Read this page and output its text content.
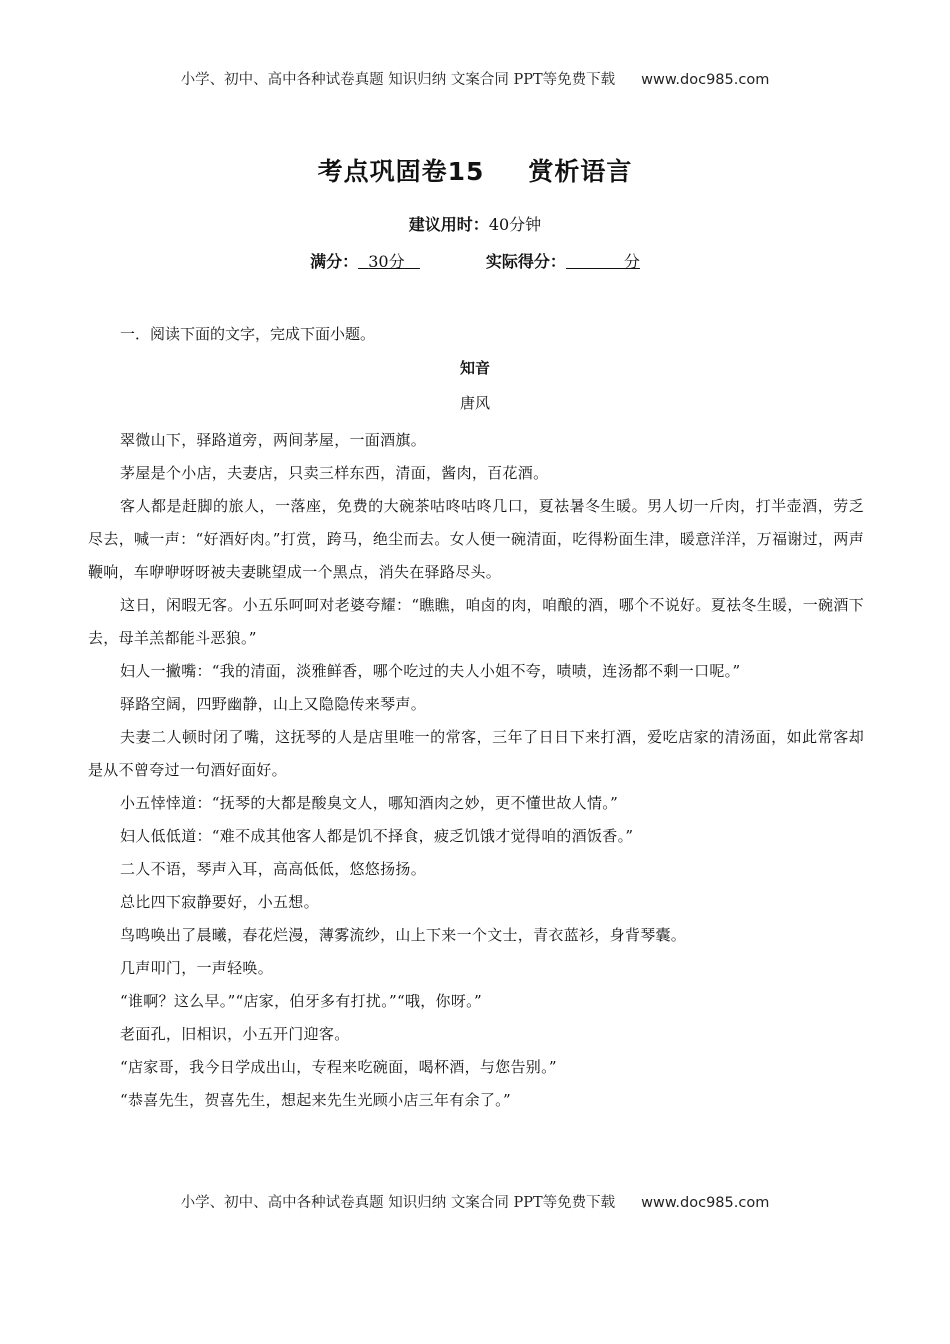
小学、初中、高中各种试卷真题 知识归纳 文案合同 PPT等免费下载 www.doc985.com
考点巩固卷15 赏析语言
建议用时：40分钟
满分： 30分	实际得分：	分
一．阅读下面的文字，完成下面小题。
知音
唐风

翠微山下，驿路道旁，两间茅屋，一面酒旗。

茅屋是个小店，夫妻店，只卖三样东西，清面，酱肉，百花酒。

客人都是赶脚的旅人，一落座，免费的大碗茶咕咚咕咚几口，夏祛暑冬生暖。男人切一斤肉，打半壶酒，劳乏尽去，喊一声：“好酒好肉。”打赏，跨马，绝尘而去。女人便一碗清面，吃得粉面生津，暖意洋洋，万福谢过，两声鞭响，车咿咿呀呀被夫妻眺望成一个黑点，消失在驿路尽头。

这日，闲暇无客。小五乐呵呵对老婆夸耀：“瞧瞧，咱卤的肉，咱酿的酒，哪个不说好。夏祛冬生暖，一碗酒下去，母羊羔都能斗恶狼。”

妇人一撇嘴：“我的清面，淡雅鲜香，哪个吃过的夫人小姐不夸，啧啧，连汤都不剩一口呢。”

驿路空阔，四野幽静，山上又隐隐传来琴声。

夫妻二人顿时闭了嘴，这抚琴的人是店里唯一的常客，三年了日日下来打酒，爱吃店家的清汤面，如此常客却是从不曾夸过一句酒好面好。

小五悻悻道：“抚琴的大都是酸臭文人，哪知酒肉之妙，更不懂世故人情。”

妇人低低道：“难不成其他客人都是饥不择食，疲乏饥饿才觉得咱的酒饭香。”

二人不语，琴声入耳，高高低低，悠悠扬扬。

总比四下寂静要好，小五想。

鸟鸣唤出了晨曦，春花烂漫，薄雾流纱，山上下来一个文士，青衣蓝衫，身背琴囊。

几声叩门，一声轻唤。

“谁啊？这么早。”“店家，伯牙多有打扰。”“哦，你呀。”

老面孔，旧相识，小五开门迎客。

“店家哥，我今日学成出山，专程来吃碗面，喝杯酒，与您告别。”

“恭喜先生，贺喜先生，想起来先生光顾小店三年有余了。”

小学、初中、高中各种试卷真题 知识归纳 文案合同 PPT等免费下载 www.doc985.com
